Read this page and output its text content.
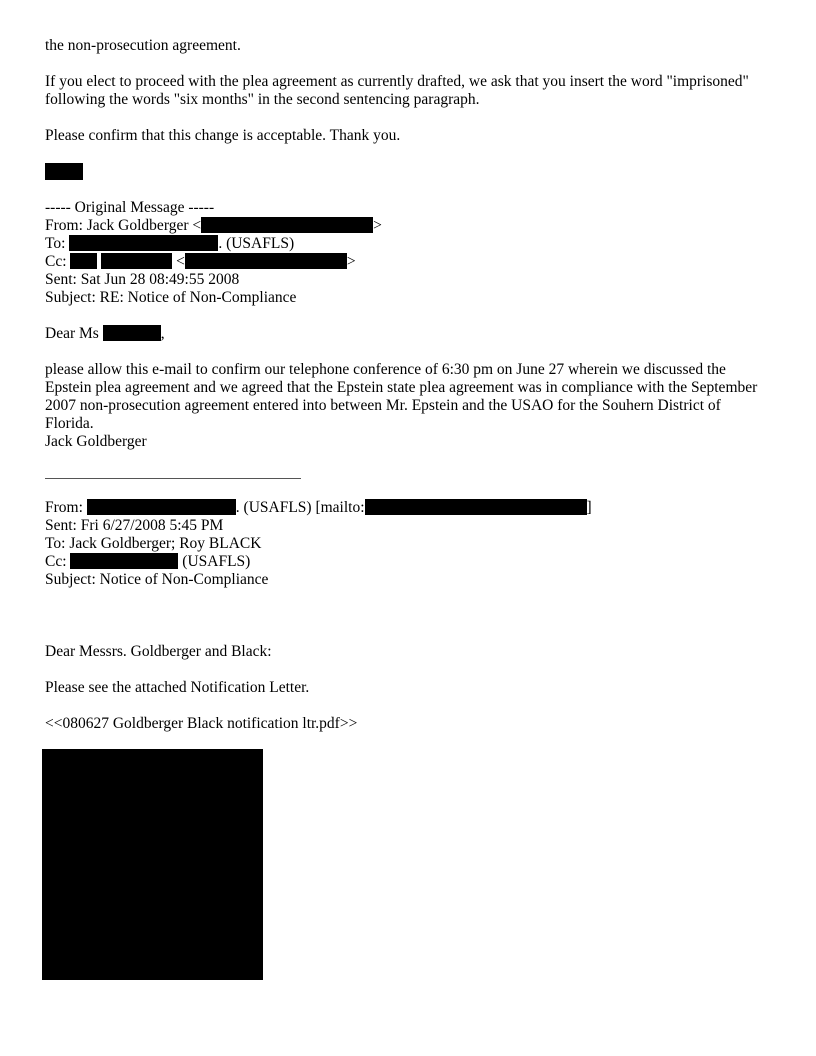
the non-prosecution agreement.

If you elect to proceed with the plea agreement as currently drafted, we ask that you insert the word "imprisoned" following the words "six months" in the second sentencing paragraph.

Please confirm that this change is acceptable. Thank you.

----- Original Message -----

From: Jack Goldberger <	>

To:	. (USAFLS)

Cc:	<	>

Sent: Sat Jun 28 08:49:55 2008

Subject: RE: Notice of Non-Compliance

Dear Ms	,

please allow this e-mail to confirm our telephone conference of 6:30 pm on June 27 wherein we discussed the Epstein plea agreement and we agreed that the Epstein state plea agreement was in compliance with the September 2007 non-prosecution agreement entered into between Mr. Epstein and the USAO for the Souhern District of Florida.

Jack Goldberger

From:	. (USAFLS) [mailto:	]

Sent: Fri 6/27/2008 5:45 PM

To: Jack Goldberger; Roy BLACK

Cc:	(USAFLS)

Subject: Notice of Non-Compliance

Dear Messrs. Goldberger and Black:

Please see the attached Notification Letter.

<<080627 Goldberger Black notification ltr.pdf>>
